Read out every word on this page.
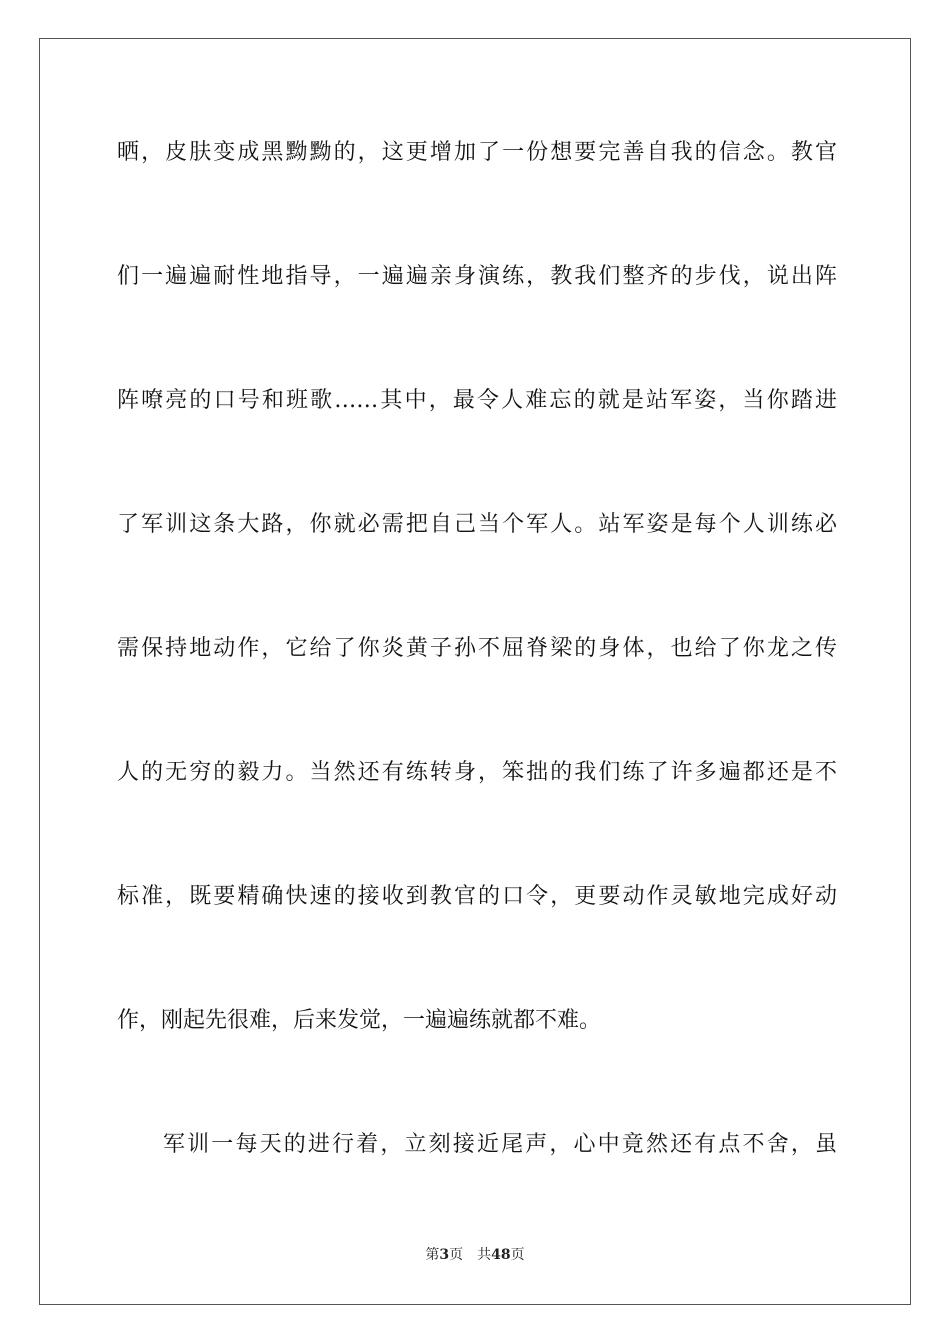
晒，皮肤变成黑黝黝的，这更增加了一份想要完善自我的信念。教官
们一遍遍耐性地指导，一遍遍亲身演练，教我们整齐的步伐，说出阵
阵嘹亮的口号和班歌……其中，最令人难忘的就是站军姿，当你踏进
了军训这条大路，你就必需把自己当个军人。站军姿是每个人训练必
需保持地动作，它给了你炎黄子孙不屈脊梁的身体，也给了你龙之传
人的无穷的毅力。当然还有练转身，笨拙的我们练了许多遍都还是不
标准，既要精确快速的接收到教官的口令，更要动作灵敏地完成好动
作，刚起先很难，后来发觉，一遍遍练就都不难。
军训一每天的进行着，立刻接近尾声，心中竟然还有点不舍，虽
第3页 共48页
